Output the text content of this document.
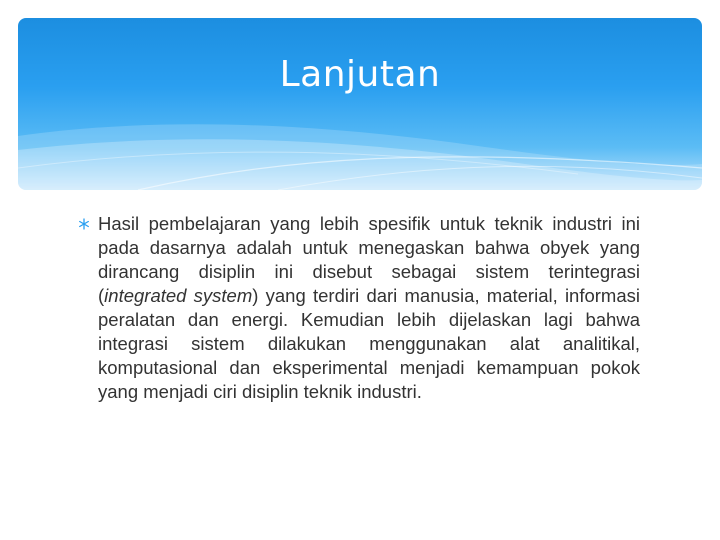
Lanjutan

Hasil pembelajaran yang lebih spesifik untuk teknik industri ini pada dasarnya adalah untuk menegaskan bahwa obyek yang dirancang disiplin ini disebut sebagai sistem terintegrasi (integrated system) yang terdiri dari manusia, material, informasi peralatan dan energi. Kemudian lebih dijelaskan lagi bahwa integrasi sistem dilakukan menggunakan alat analitikal, komputasional dan eksperimental menjadi kemampuan pokok yang menjadi ciri disiplin teknik industri.
